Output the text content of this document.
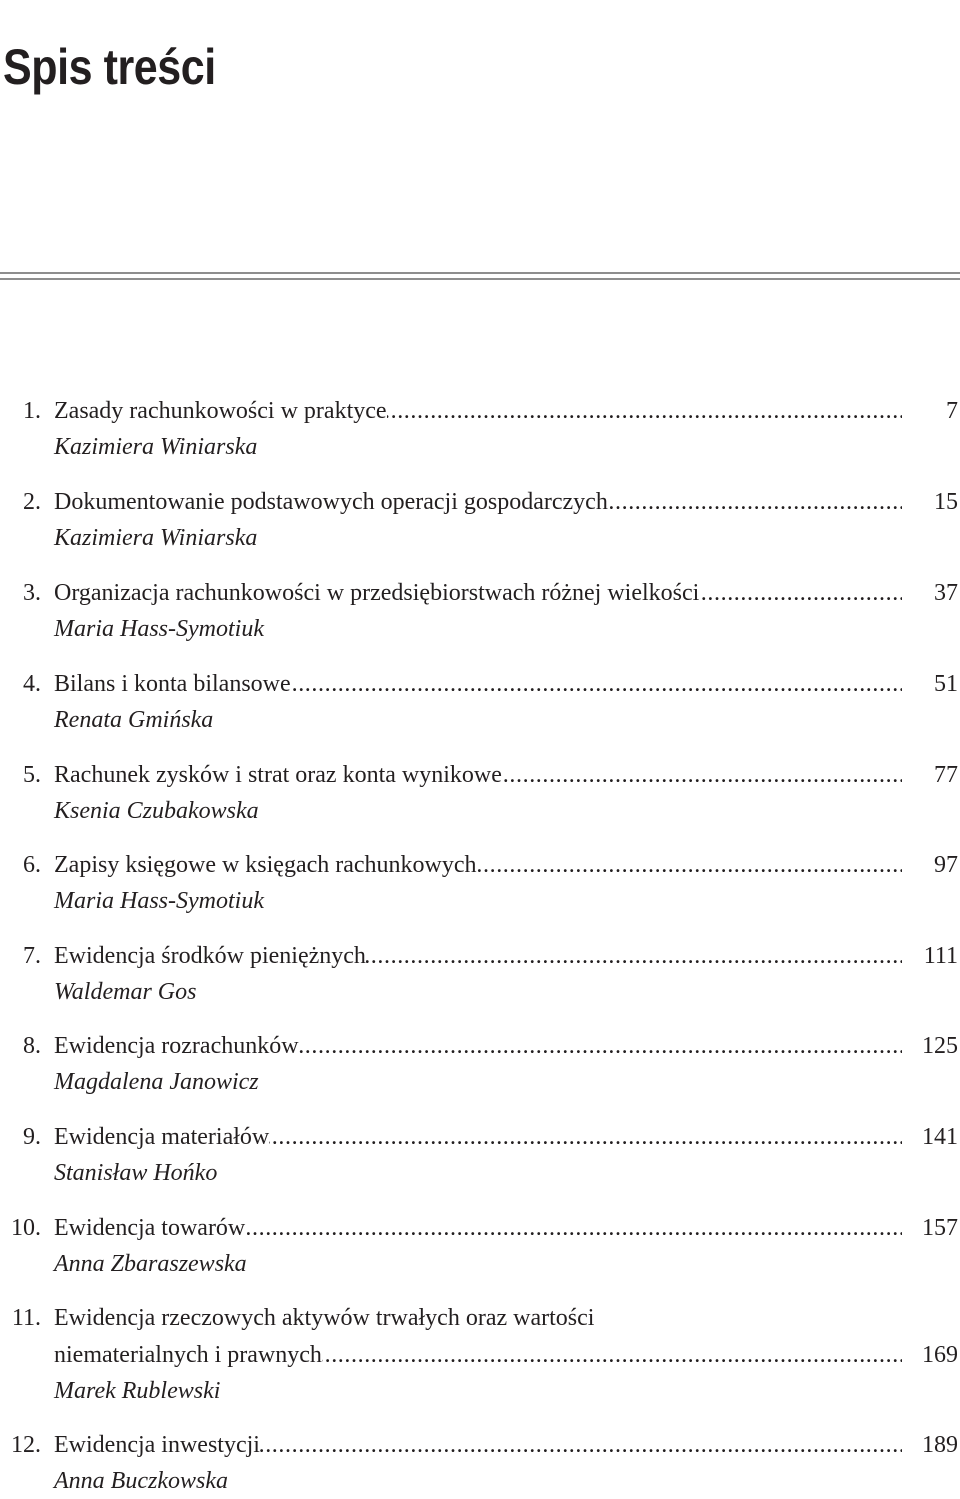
Spis treści
1. ..... Zasady rachunkowości w praktyce	7
Kazimiera Winiarska
2. ..... Dokumentowanie podstawowych operacji gospodarczych	15
Kazimiera Winiarska
3. ..... Organizacja rachunkowości w przedsiębiorstwach różnej wielkości	37
Maria Hass-Symotiuk
4. ..... Bilans i konta bilansowe	51
Renata Gmińska
5. ..... Rachunek zysków i strat oraz konta wynikowe	77
Ksenia Czubakowska
6. ..... Zapisy księgowe w księgach rachunkowych	97
Maria Hass-Symotiuk
7. ..... Ewidencja środków pieniężnych	111
Waldemar Gos
8. ..... Ewidencja rozrachunków	125
Magdalena Janowicz
9. ..... Ewidencja materiałów	141
Stanisław Hońko
10. ..... Ewidencja towarów	157
Anna Zbaraszewska
11. Ewidencja rzeczowych aktywów trwałych oraz wartości
.....
niematerialnych i prawnych	169
Marek Rublewski
12. ..... Ewidencja inwestycji	189
Anna Buczkowska
